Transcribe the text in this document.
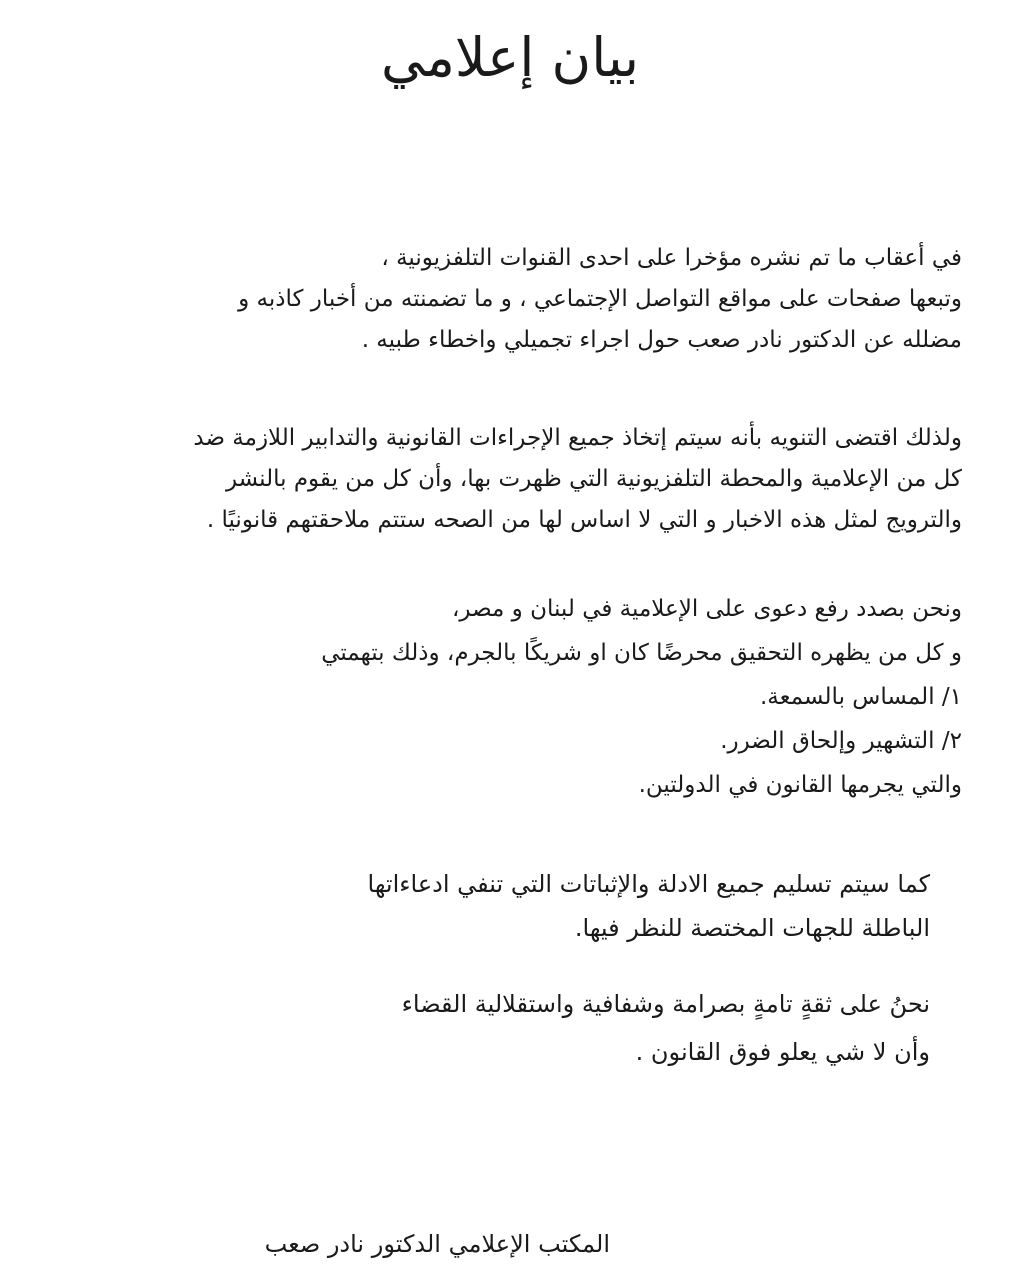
بيان إعلامي
في أعقاب ما تم نشره مؤخرا على احدى القنوات التلفزيونية ،
وتبعها صفحات على مواقع التواصل الإجتماعي ، و ما تضمنته من أخبار كاذبه و
مضلله عن الدكتور نادر صعب حول اجراء تجميلي واخطاء طبيه .
ولذلك اقتضى التنويه بأنه سيتم إتخاذ جميع الإجراءات القانونية والتدابير اللازمة ضد
كل من الإعلامية والمحطة التلفزيونية التي ظهرت بها، وأن كل من يقوم بالنشر
والترويج لمثل هذه الاخبار و التي لا اساس لها من الصحه ستتم ملاحقتهم قانونيًا .
ونحن بصدد رفع دعوى على الإعلامية في لبنان و مصر،
و كل من يظهره التحقيق محرضًا كان او شريكًا بالجرم، وذلك بتهمتي
١/ المساس بالسمعة.
٢/ التشهير وإلحاق الضرر.
والتي يجرمها القانون في الدولتين.
كما سيتم تسليم جميع الادلة والإثباتات التي تنفي ادعاءاتها
الباطلة للجهات المختصة للنظر فيها.
نحنُ على ثقةٍ تامةٍ بصرامة وشفافية واستقلالية القضاء
وأن لا شي يعلو فوق القانون .

المكتب الإعلامي الدكتور نادر صعب
